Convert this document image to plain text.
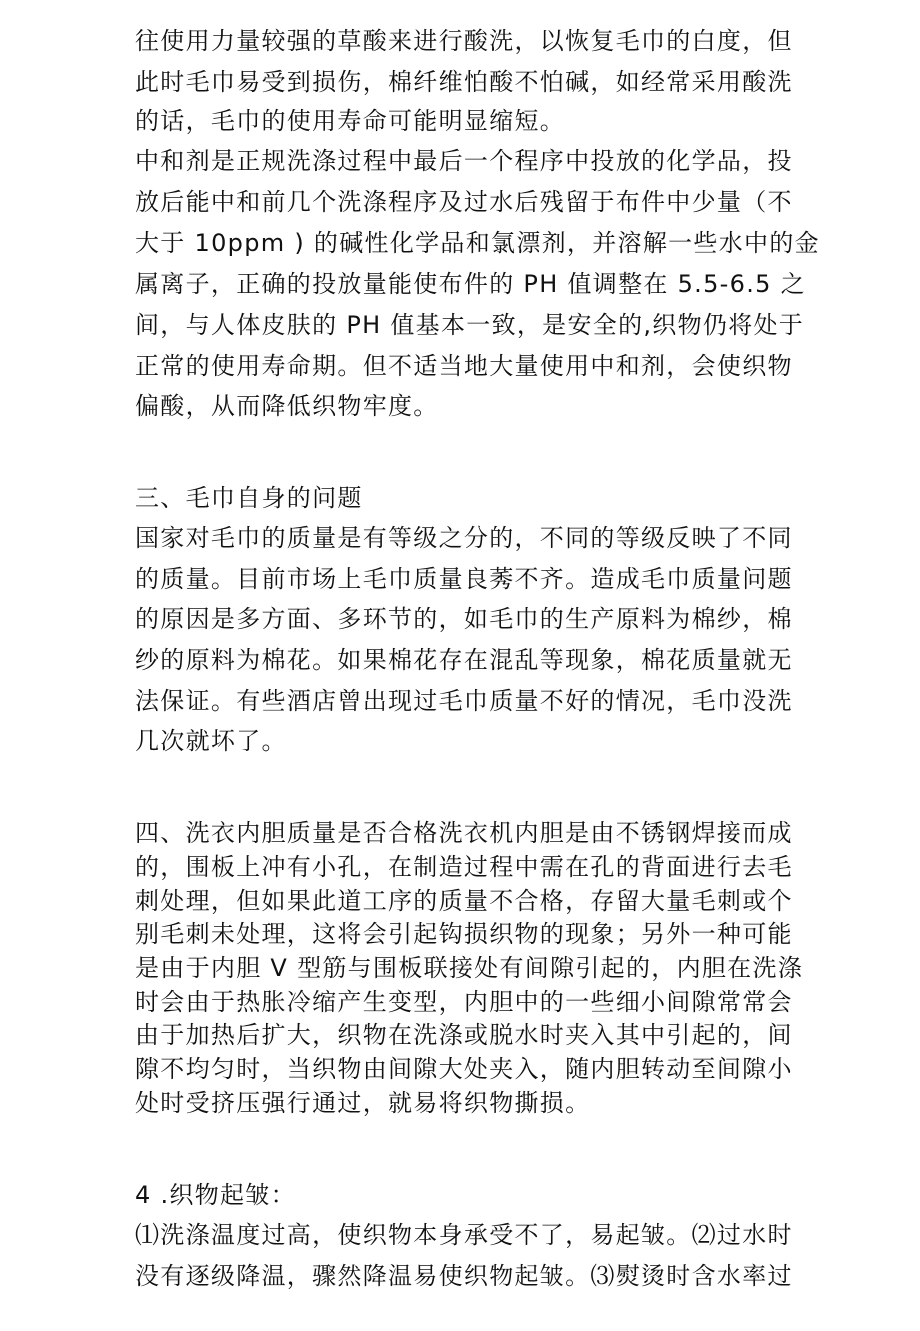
往使用力量较强的草酸来进行酸洗，以恢复毛巾的白度，但
此时毛巾易受到损伤，棉纤维怕酸不怕碱，如经常采用酸洗
的话，毛巾的使用寿命可能明显缩短。
中和剂是正规洗涤过程中最后一个程序中投放的化学品，投
放后能中和前几个洗涤程序及过水后残留于布件中少量（不
大于 10ppm ) 的碱性化学品和氯漂剂，并溶解一些水中的金
属离子，正确的投放量能使布件的 PH 值调整在 5.5-6.5 之
间，与人体皮肤的 PH 值基本一致，是安全的,织物仍将处于
正常的使用寿命期。但不适当地大量使用中和剂，会使织物
偏酸，从而降低织物牢度。
三、毛巾自身的问题
国家对毛巾的质量是有等级之分的，不同的等级反映了不同
的质量。目前市场上毛巾质量良莠不齐。造成毛巾质量问题
的原因是多方面、多环节的，如毛巾的生产原料为棉纱，棉
纱的原料为棉花。如果棉花存在混乱等现象，棉花质量就无
法保证。有些酒店曾出现过毛巾质量不好的情况，毛巾没洗
几次就坏了。
四、洗衣内胆质量是否合格洗衣机内胆是由不锈钢焊接而成
的，围板上冲有小孔，在制造过程中需在孔的背面进行去毛
刺处理，但如果此道工序的质量不合格，存留大量毛刺或个
别毛刺未处理，这将会引起钩损织物的现象；另外一种可能
是由于内胆 V 型筋与围板联接处有间隙引起的，内胆在洗涤
时会由于热胀冷缩产生变型，内胆中的一些细小间隙常常会
由于加热后扩大，织物在洗涤或脱水时夹入其中引起的，间
隙不均匀时，当织物由间隙大处夹入，随内胆转动至间隙小
处时受挤压强行通过，就易将织物撕损。
4 .织物起皱：
⑴洗涤温度过高，使织物本身承受不了，易起皱。⑵过水时
没有逐级降温，骤然降温易使织物起皱。⑶熨烫时含水率过
